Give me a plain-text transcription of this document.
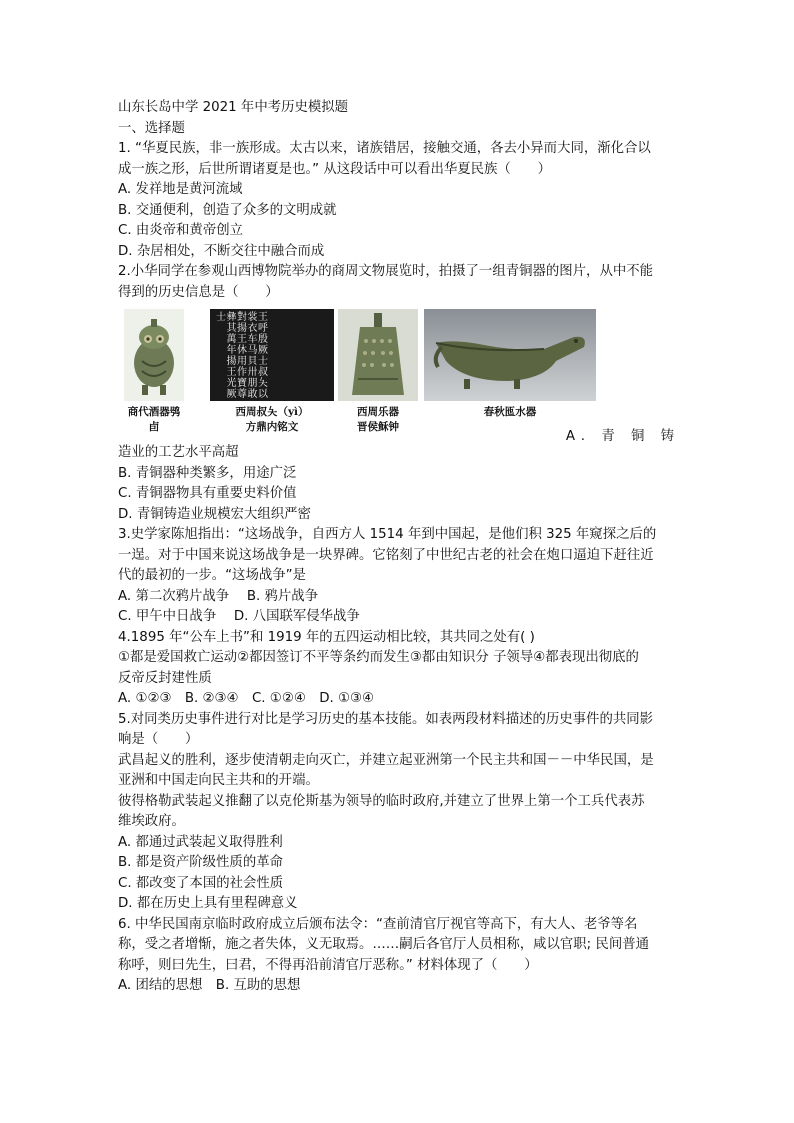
山东长岛中学 2021 年中考历史模拟题
一、选择题
1. “华夏民族，非一族形成。太古以来，诸族错居，接触交通，各去小异而大同，渐化合以
成一族之形，后世所谓诸夏是也。” 从这段话中可以看出华夏民族（　　）
A. 发祥地是黄河流域
B. 交通便利，创造了众多的文明成就
C. 由炎帝和黄帝创立
D. 杂居相处，不断交往中融合而成
2.小华同学在参观山西博物院举办的商周文物展览时，拍摄了一组青铜器的图片，从中不能
得到的历史信息是（　　）
商代酒器鸮卣
王呼殷厥士叔夨以裳衣车马貝卅朋敢對揚王休用作寶尊彝其萬年揚王光厥士
西周叔夨（yì）
方鼎内铭文
西周乐器
晋侯稣钟
春秋匜水器
A. 青 铜 铸
造业的工艺水平高超
B. 青铜器种类繁多，用途广泛
C. 青铜器物具有重要史料价值
D. 青铜铸造业规模宏大组织严密
3.史学家陈旭指出：“这场战争，自西方人 1514 年到中国起，是他们积 325 年窥探之后的
一逞。对于中国来说这场战争是一块界碑。它铭刻了中世纪古老的社会在炮口逼迫下赶往近
代的最初的一步。“这场战争”是
A. 第二次鸦片战争　 B. 鸦片战争
C. 甲午中日战争　 D. 八国联军侵华战争
4.1895 年“公车上书”和 1919 年的五四运动相比较，其共同之处有( )
①都是爱国救亡运动②都因签订不平等条约而发生③都由知识分 子领导④都表现出彻底的
反帝反封建性质
A. ①②③　B. ②③④　C. ①②④　D. ①③④
5.对同类历史事件进行对比是学习历史的基本技能。如表两段材料描述的历史事件的共同影
响是（　　）
武昌起义的胜利，逐步使清朝走向灭亡，并建立起亚洲第一个民主共和国－－中华民国，是
亚洲和中国走向民主共和的开端。
彼得格勒武装起义推翻了以克伦斯基为领导的临时政府,并建立了世界上第一个工兵代表苏
维埃政府。
A. 都通过武装起义取得胜利
B. 都是资产阶级性质的革命
C. 都改变了本国的社会性质
D. 都在历史上具有里程碑意义
6. 中华民国南京临时政府成立后颁布法令：“查前清官厅视官等高下，有大人、老爷等名
称，受之者增惭，施之者失体，义无取焉。……嗣后各官厅人员相称，咸以官职; 民间普通
称呼，则曰先生，曰君，不得再沿前清官厅恶称。” 材料体现了（　　）
A. 团结的思想　B. 互助的思想
